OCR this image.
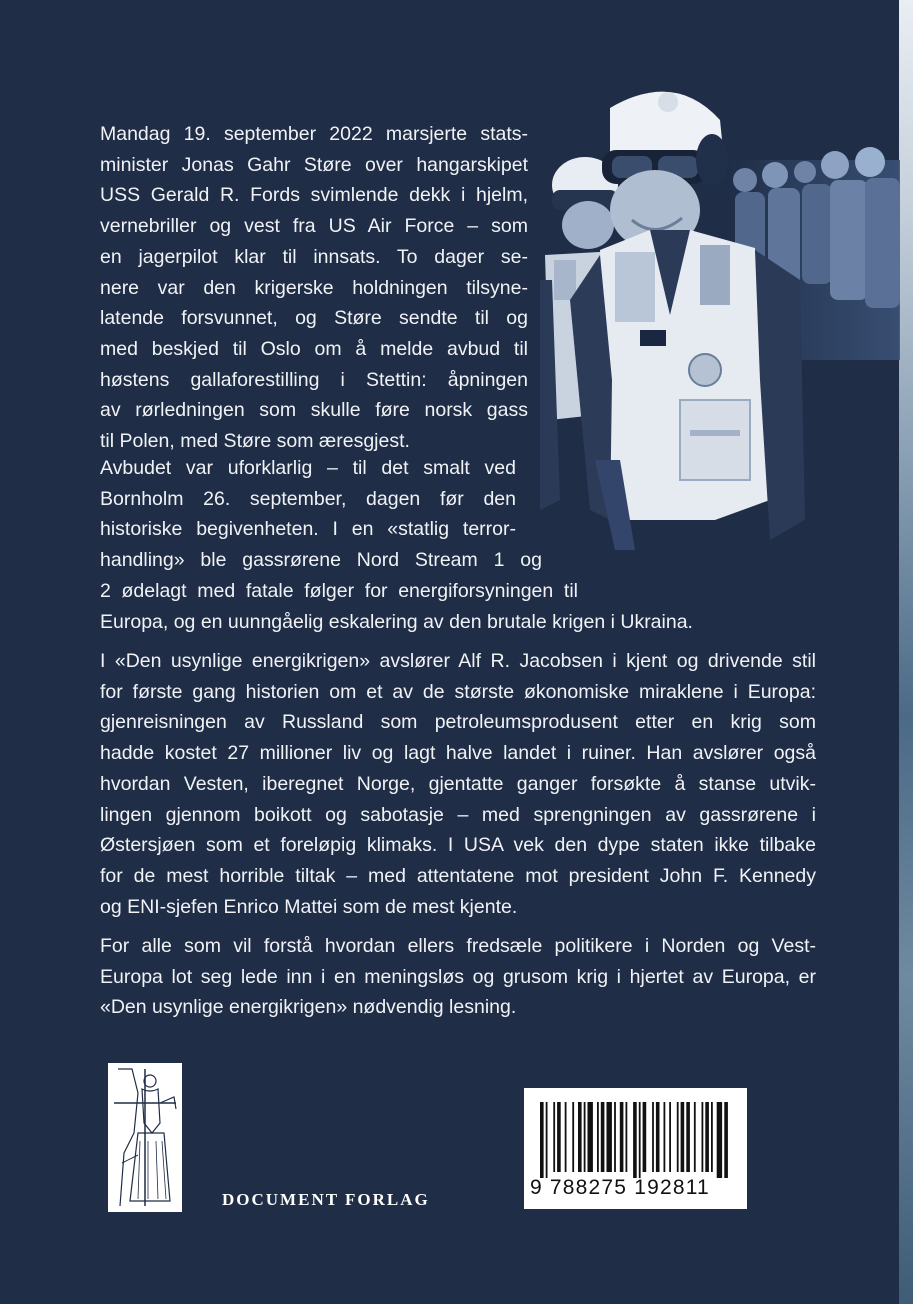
Mandag 19. september 2022 marsjerte stats-
minister Jonas Gahr Støre over hangarskipet
USS Gerald R. Fords svimlende dekk i hjelm,
vernebriller og vest fra US Air Force – som
en jagerpilot klar til innsats. To dager se-
nere var den krigerske holdningen tilsyne-
latende forsvunnet, og Støre sendte til og
med beskjed til Oslo om å melde avbud til
høstens gallaforestilling i Stettin: åpningen
av rørledningen som skulle føre norsk gass
til Polen, med Støre som æresgjest.
Avbudet var uforklarlig – til det smalt ved
Bornholm 26. september, dagen før den
historiske begivenheten. I en «statlig terror-
handling» ble gassrørene Nord Stream 1 og
2 ødelagt med fatale følger for energiforsyningen til
Europa, og en uunngåelig eskalering av den brutale krigen i Ukraina.
I «Den usynlige energikrigen» avslører Alf R. Jacobsen i kjent og drivende stil
for første gang historien om et av de største økonomiske miraklene i Europa:
gjenreisningen av Russland som petroleumsprodusent etter en krig som
hadde kostet 27 millioner liv og lagt halve landet i ruiner. Han avslører også
hvordan Vesten, iberegnet Norge, gjentatte ganger forsøkte å stanse utvik-
lingen gjennom boikott og sabotasje – med sprengningen av gassrørene i
Østersjøen som et foreløpig klimaks. I USA vek den dype staten ikke tilbake
for de mest horrible tiltak – med attentatene mot president John F. Kennedy
og ENI-sjefen Enrico Mattei som de mest kjente.
For alle som vil forstå hvordan ellers fredsæle politikere i Norden og Vest-
Europa lot seg lede inn i en meningsløs og grusom krig i hjertet av Europa, er
«Den usynlige energikrigen» nødvendig lesning.
DOCUMENT FORLAG
9 788275 192811
